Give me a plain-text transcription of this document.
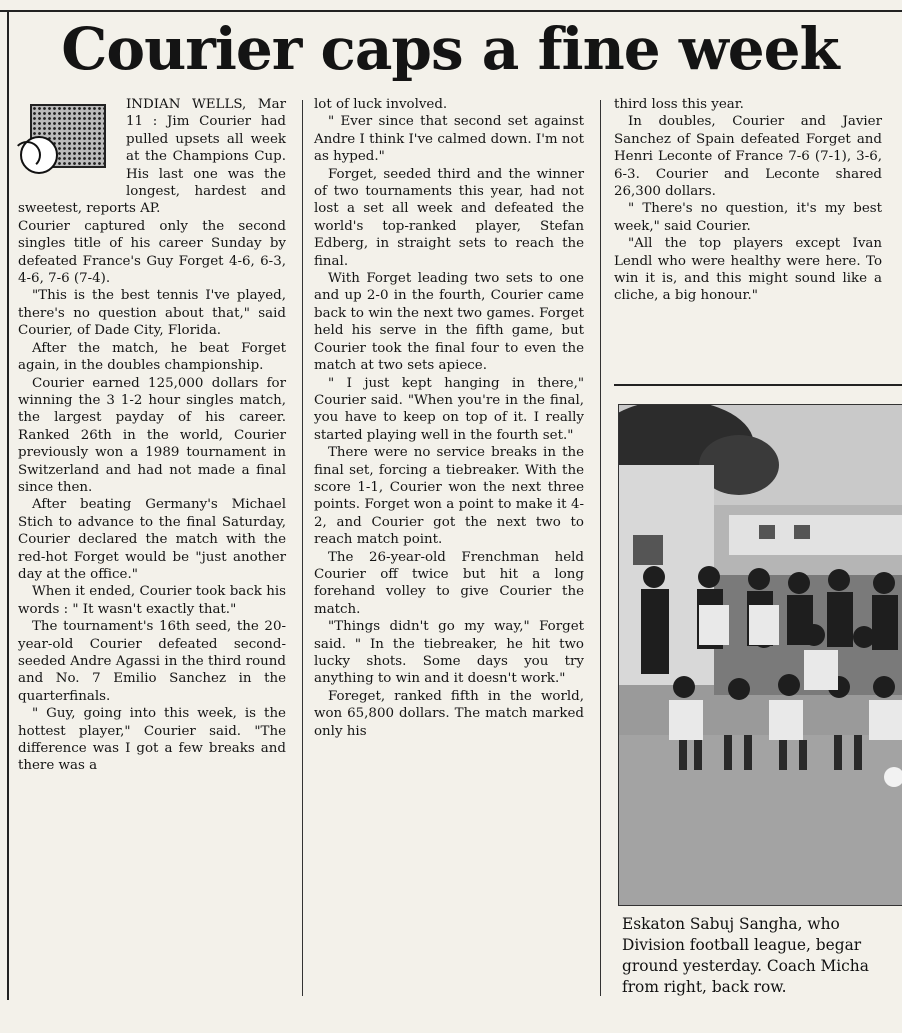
Courier caps a fine week

INDIAN WELLS, Mar 11 : Jim Courier had pulled upsets all week at the Champions Cup. His last one was the longest, hardest and sweetest, reports AP.

Courier captured only the second singles title of his career Sunday by defeated France's Guy Forget 4-6, 6-3, 4-6, 7-6 (7-4).

"This is the best tennis I've played, there's no question about that," said Courier, of Dade City, Florida.

After the match, he beat Forget again, in the doubles championship.

Courier earned 125,000 dollars for winning the 3 1-2 hour singles match, the largest payday of his career. Ranked 26th in the world, Courier previously won a 1989 tournament in Switzerland and had not made a final since then.

After beating Germany's Michael Stich to advance to the final Saturday, Courier declared the match with the red-hot Forget would be "just another day at the office."

When it ended, Courier took back his words : " It wasn't exactly that."

The tournament's 16th seed, the 20-year-old Courier defeated second-seeded Andre Agassi in the third round and No. 7 Emilio Sanchez in the quarterfinals.

" Guy, going into this week, is the hottest player," Courier said. "The difference was I got a few breaks and there was a

lot of luck involved.

" Ever since that second set against Andre I think I've calmed down. I'm not as hyped."

Forget, seeded third and the winner of two tournaments this year, had not lost a set all week and defeated the world's top-ranked player, Stefan Edberg, in straight sets to reach the final.

With Forget leading two sets to one and up 2-0 in the fourth, Courier came back to win the next two games. Forget held his serve in the fifth game, but Courier took the final four to even the match at two sets apiece.

" I just kept hanging in there," Courier said. "When you're in the final, you have to keep on top of it. I really started playing well in the fourth set."

There were no service breaks in the final set, forcing a tiebreaker. With the score 1-1, Courier won the next three points. Forget won a point to make it 4-2, and Courier got the next two to reach match point.

The 26-year-old Frenchman held Courier off twice but hit a long forehand volley to give Courier the match.

"Things didn't go my way," Forget said. " In the tiebreaker, he hit two lucky shots. Some days you try anything to win and it doesn't work."

Foreget, ranked fifth in the world, won 65,800 dollars. The match marked only his

third loss this year.

In doubles, Courier and Javier Sanchez of Spain defeated Forget and Henri Leconte of France 7-6 (7-1), 3-6, 6-3. Courier and Leconte shared 26,300 dollars.

" There's no question, it's my best week," said Courier.

"All the top players except Ivan Lendl who were healthy were here. To win it is, and this might sound like a cliche, a big honour."

Eskaton Sabuj Sangha, who
Division football league, begar
ground yesterday. Coach Micha
from right, back row.
